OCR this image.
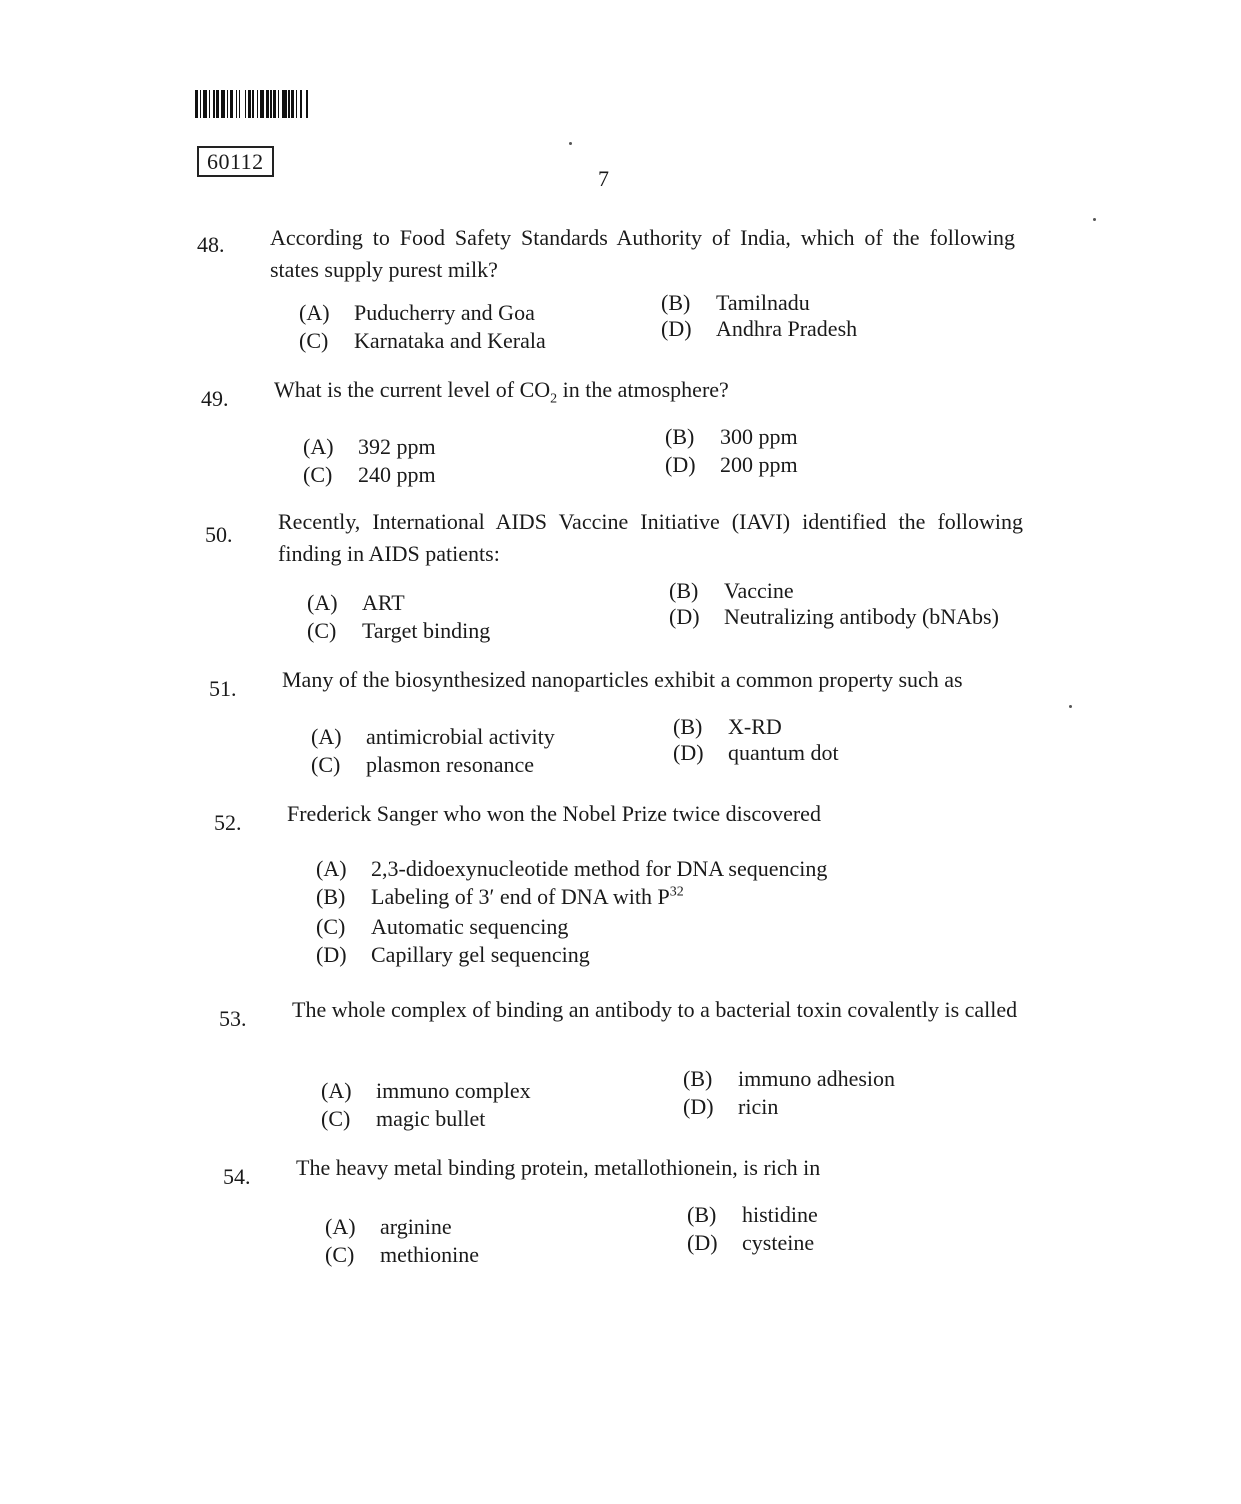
60112
7
48. According to Food Safety Standards Authority of India, which of the following states supply purest milk?
(A) Puducherry and Goa	(B) Tamilnadu
(C) Karnataka and Kerala	(D) Andhra Pradesh
49. What is the current level of $CO_2$ in the atmosphere?
(A) 392 ppm	(B) 300 ppm
(C) 240 ppm	(D) 200 ppm
50.
Recently, International AIDS Vaccine Initiative (IAVI) identified the following finding in AIDS patients:
(A) ART	(B) Vaccine
(C) Target binding
(D) Neutralizing antibody (bNAbs)
51. Many of the biosynthesized nanoparticles exhibit a common property such as
(A) antimicrobial activity	(B) X-RD
(C) plasmon resonance	(D) quantum dot
52. Frederick Sanger who won the Nobel Prize twice discovered
(A) 2,3-didoexynucleotide method for DNA sequencing
(B) Labeling of 3′ end of DNA with $P^{32}$
(C) Automatic sequencing
(D) Capillary gel sequencing
53. The whole complex of binding an antibody to a bacterial toxin covalently is called
(A) immuno complex	(B) immuno adhesion
(C) magic bullet	(D) ricin
54. The heavy metal binding protein, metallothionein, is rich in
(A) arginine	(B) histidine
(C) methionine	(D) cysteine
